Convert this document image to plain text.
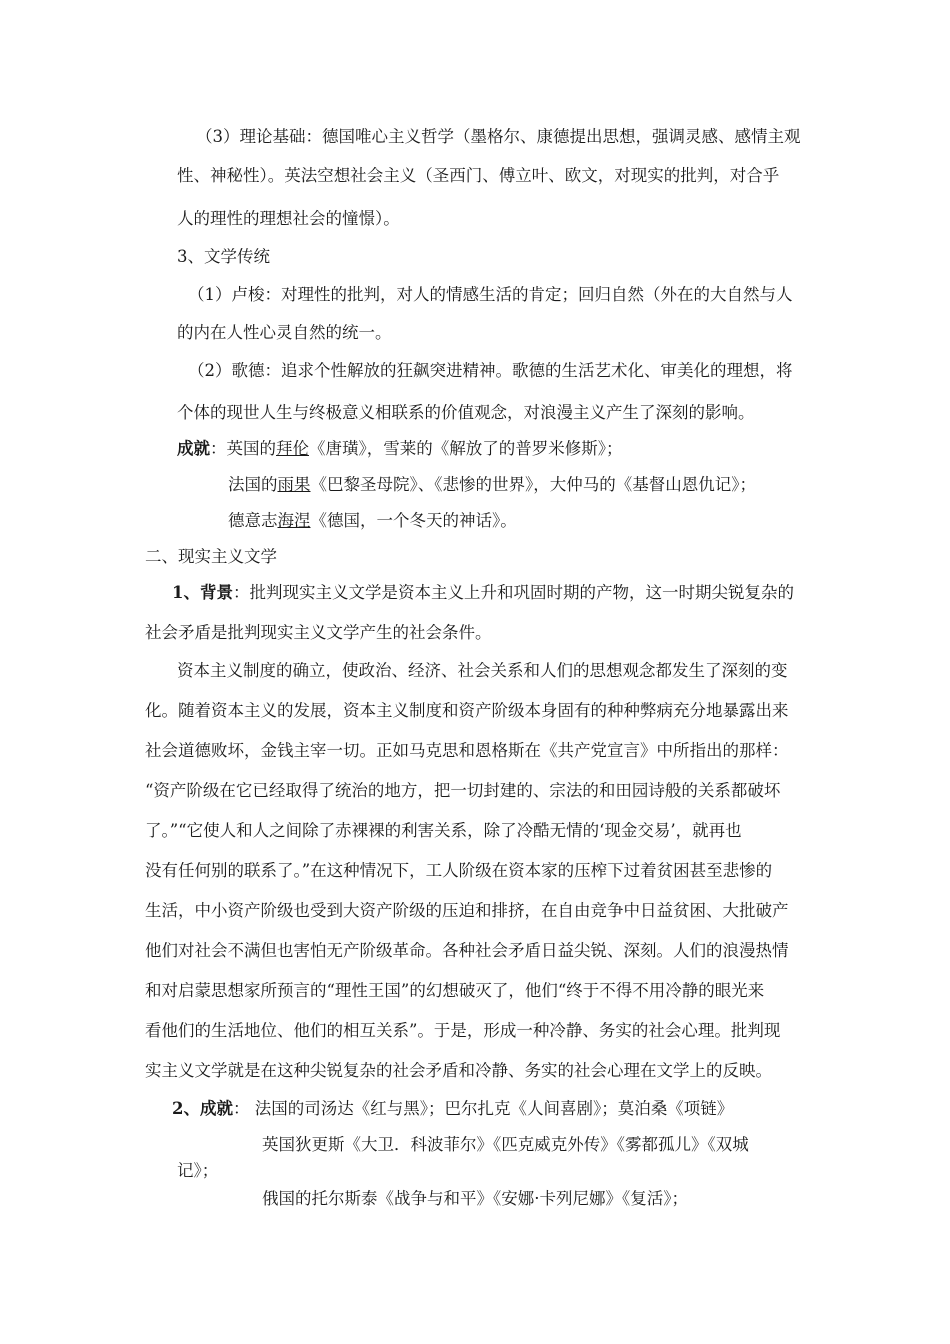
（3）理论基础：德国唯心主义哲学（墨格尔、康德提出思想，强调灵感、感情主观
性、神秘性）。英法空想社会主义（圣西门、傅立叶、欧文，对现实的批判，对合乎
人的理性的理想社会的憧憬）。
3、文学传统
（1）卢梭：对理性的批判，对人的情感生活的肯定；回归自然（外在的大自然与人
的内在人性心灵自然的统一。
（2）歌德：追求个性解放的狂飙突进精神。歌德的生活艺术化、审美化的理想，将
个体的现世人生与终极意义相联系的价值观念，对浪漫主义产生了深刻的影响。
成就：英国的拜伦《唐璜》，雪莱的《解放了的普罗米修斯》；
法国的雨果《巴黎圣母院》、《悲惨的世界》，大仲马的《基督山恩仇记》；
德意志海涅《德国，一个冬天的神话》。
二、现实主义文学
1、背景：批判现实主义文学是资本主义上升和巩固时期的产物，这一时期尖锐复杂的
社会矛盾是批判现实主义文学产生的社会条件。
资本主义制度的确立，使政治、经济、社会关系和人们的思想观念都发生了深刻的变
化。随着资本主义的发展，资本主义制度和资产阶级本身固有的种种弊病充分地暴露出来
社会道德败坏，金钱主宰一切。正如马克思和恩格斯在《共产党宣言》中所指出的那样：
“资产阶级在它已经取得了统治的地方，把一切封建的、宗法的和田园诗般的关系都破坏
了。”“它使人和人之间除了赤裸裸的利害关系，除了冷酷无情的‘现金交易’，就再也
没有任何别的联系了。”在这种情况下，工人阶级在资本家的压榨下过着贫困甚至悲惨的
生活，中小资产阶级也受到大资产阶级的压迫和排挤，在自由竞争中日益贫困、大批破产
他们对社会不满但也害怕无产阶级革命。各种社会矛盾日益尖锐、深刻。人们的浪漫热情
和对启蒙思想家所预言的“理性王国”的幻想破灭了，他们“终于不得不用冷静的眼光来
看他们的生活地位、他们的相互关系”。于是，形成一种冷静、务实的社会心理。批判现
实主义文学就是在这种尖锐复杂的社会矛盾和冷静、务实的社会心理在文学上的反映。
2、成就： 法国的司汤达《红与黑》；巴尔扎克《人间喜剧》；莫泊桑《项链》
英国狄更斯《大卫．科波菲尔》《匹克威克外传》《雾都孤儿》《双城
记》；
俄国的托尔斯泰《战争与和平》《安娜·卡列尼娜》《复活》；
